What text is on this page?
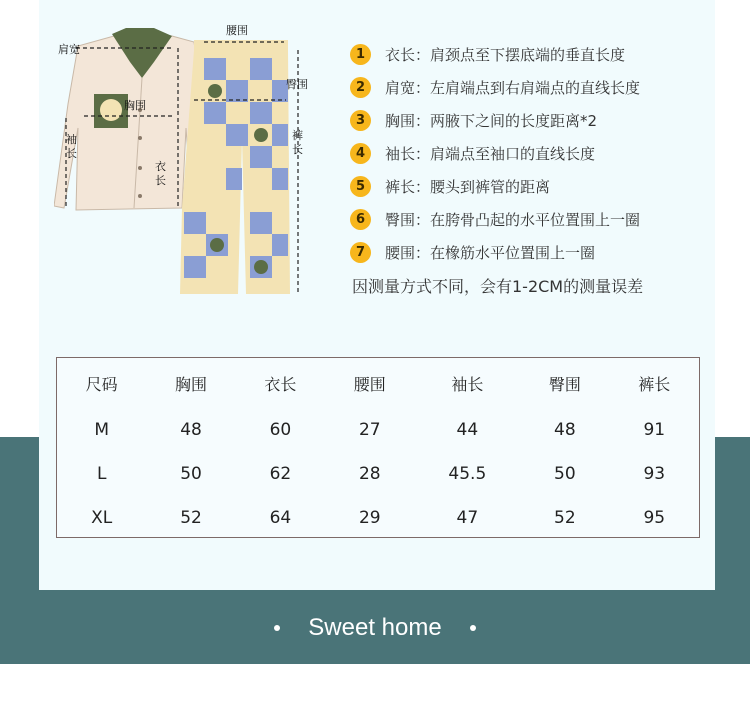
肩宽
腰围
胸围
臀围
袖
长
衣
长
裤
长
1	衣长 ： 肩颈点至下摆底端的垂直长度
2	肩宽 ： 左肩端点到右肩端点的直线长度
3	胸围 ： 两腋下之间的长度距离*2
4	袖长 ： 肩端点至袖口的直线长度
5	裤长 ： 腰头到裤管的距离
6	臀围 ： 在胯骨凸起的水平位置围上一圈
7	腰围 ： 在橡筋水平位置围上一圈
因测量方式不同，会有1-2CM的测量误差
尺码	胸围	衣长	腰围	袖长	臀围	裤长
M	48	60	27	44	48	91
L	50	62	28	45.5	50	93
XL	52	64	29	47	52	95
Sweet home
